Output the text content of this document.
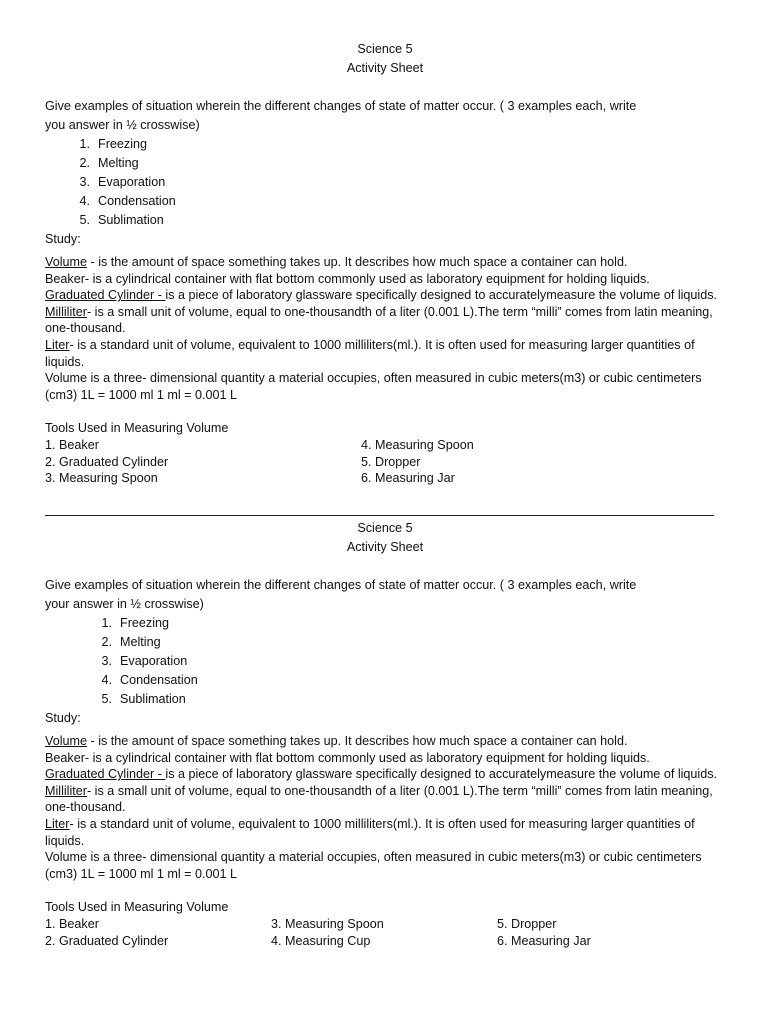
Science 5
Activity Sheet
Give examples of situation wherein the different changes of state of matter occur. ( 3 examples each, write
you answer in ½ crosswise)
1. Freezing
2. Melting
3. Evaporation
4. Condensation
5. Sublimation
Study:
Volume - is the amount of space something takes up. It describes how much space a container can hold.
Beaker- is a cylindrical container with flat bottom commonly used as laboratory equipment for holding liquids.
Graduated Cylinder - is a piece of laboratory glassware specifically designed to accuratelymeasure the volume of liquids.
Milliliter- is a small unit of volume, equal to one-thousandth of a liter (0.001 L).The term “milli” comes from latin meaning, one-thousand.
Liter- is a standard unit of volume, equivalent to 1000 milliliters(ml.). It is often used for measuring larger quantities of liquids.
Volume is a three- dimensional quantity a material occupies, often measured in cubic meters(m3) or cubic centimeters (cm3) 1L = 1000 ml 1 ml = 0.001 L
Tools Used in Measuring Volume
1. Beaker
2. Graduated Cylinder
3. Measuring Spoon
4. Measuring Spoon
5. Dropper
6. Measuring Jar
Science 5
Activity Sheet
Give examples of situation wherein the different changes of state of matter occur. ( 3 examples each, write
your answer in ½ crosswise)
1. Freezing
2. Melting
3. Evaporation
4. Condensation
5. Sublimation
Study:
Volume - is the amount of space something takes up. It describes how much space a container can hold.
Beaker- is a cylindrical container with flat bottom commonly used as laboratory equipment for holding liquids.
Graduated Cylinder - is a piece of laboratory glassware specifically designed to accuratelymeasure the volume of liquids.
Milliliter- is a small unit of volume, equal to one-thousandth of a liter (0.001 L).The term “milli” comes from latin meaning, one-thousand.
Liter- is a standard unit of volume, equivalent to 1000 milliliters(ml.). It is often used for measuring larger quantities of liquids.
Volume is a three- dimensional quantity a material occupies, often measured in cubic meters(m3) or cubic centimeters (cm3) 1L = 1000 ml 1 ml = 0.001 L
Tools Used in Measuring Volume
1. Beaker
2. Graduated Cylinder
3. Measuring Spoon
4. Measuring Cup
5. Dropper
6. Measuring Jar
